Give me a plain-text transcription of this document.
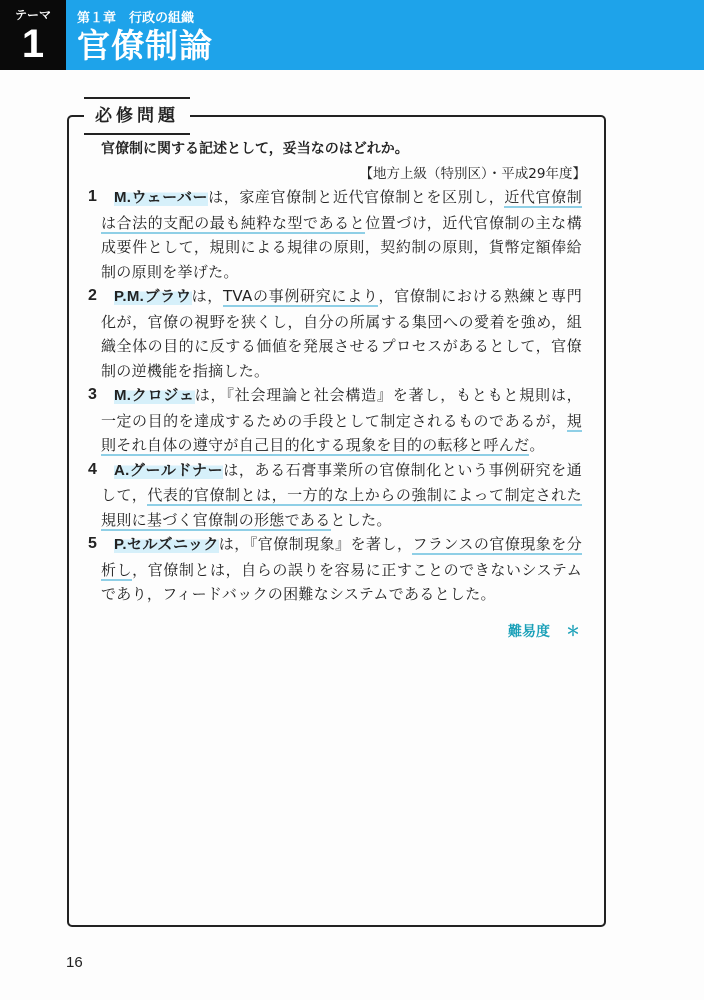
テーマ
1
第１章　行政の組織
官僚制論
必修問題
官僚制に関する記述として，妥当なのはどれか。
【地方上級（特別区）・平成29年度】
1	M.ウェーバーは，家産官僚制と近代官僚制とを区別し，近代官僚制は合法的支配の最も純粋な型であると位置づけ，近代官僚制の主な構成要件として，規則による規律の原則，契約制の原則，貨幣定額俸給制の原則を挙げた。
2	P.M.ブラウは，TVAの事例研究により，官僚制における熟練と専門化が，官僚の視野を狭くし，自分の所属する集団への愛着を強め，組織全体の目的に反する価値を発展させるプロセスがあるとして，官僚制の逆機能を指摘した。
3	M.クロジェは，『社会理論と社会構造』を著し，もともと規則は，一定の目的を達成するための手段として制定されるものであるが，規則それ自体の遵守が自己目的化する現象を目的の転移と呼んだ。
4	A.グールドナーは，ある石膏事業所の官僚制化という事例研究を通して，代表的官僚制とは，一方的な上からの強制によって制定された規則に基づく官僚制の形態であるとした。
5	P.セルズニックは，『官僚制現象』を著し，フランスの官僚現象を分析し，官僚制とは，自らの誤りを容易に正すことのできないシステムであり，フィードバックの困難なシステムであるとした。
難易度 ＊
16
